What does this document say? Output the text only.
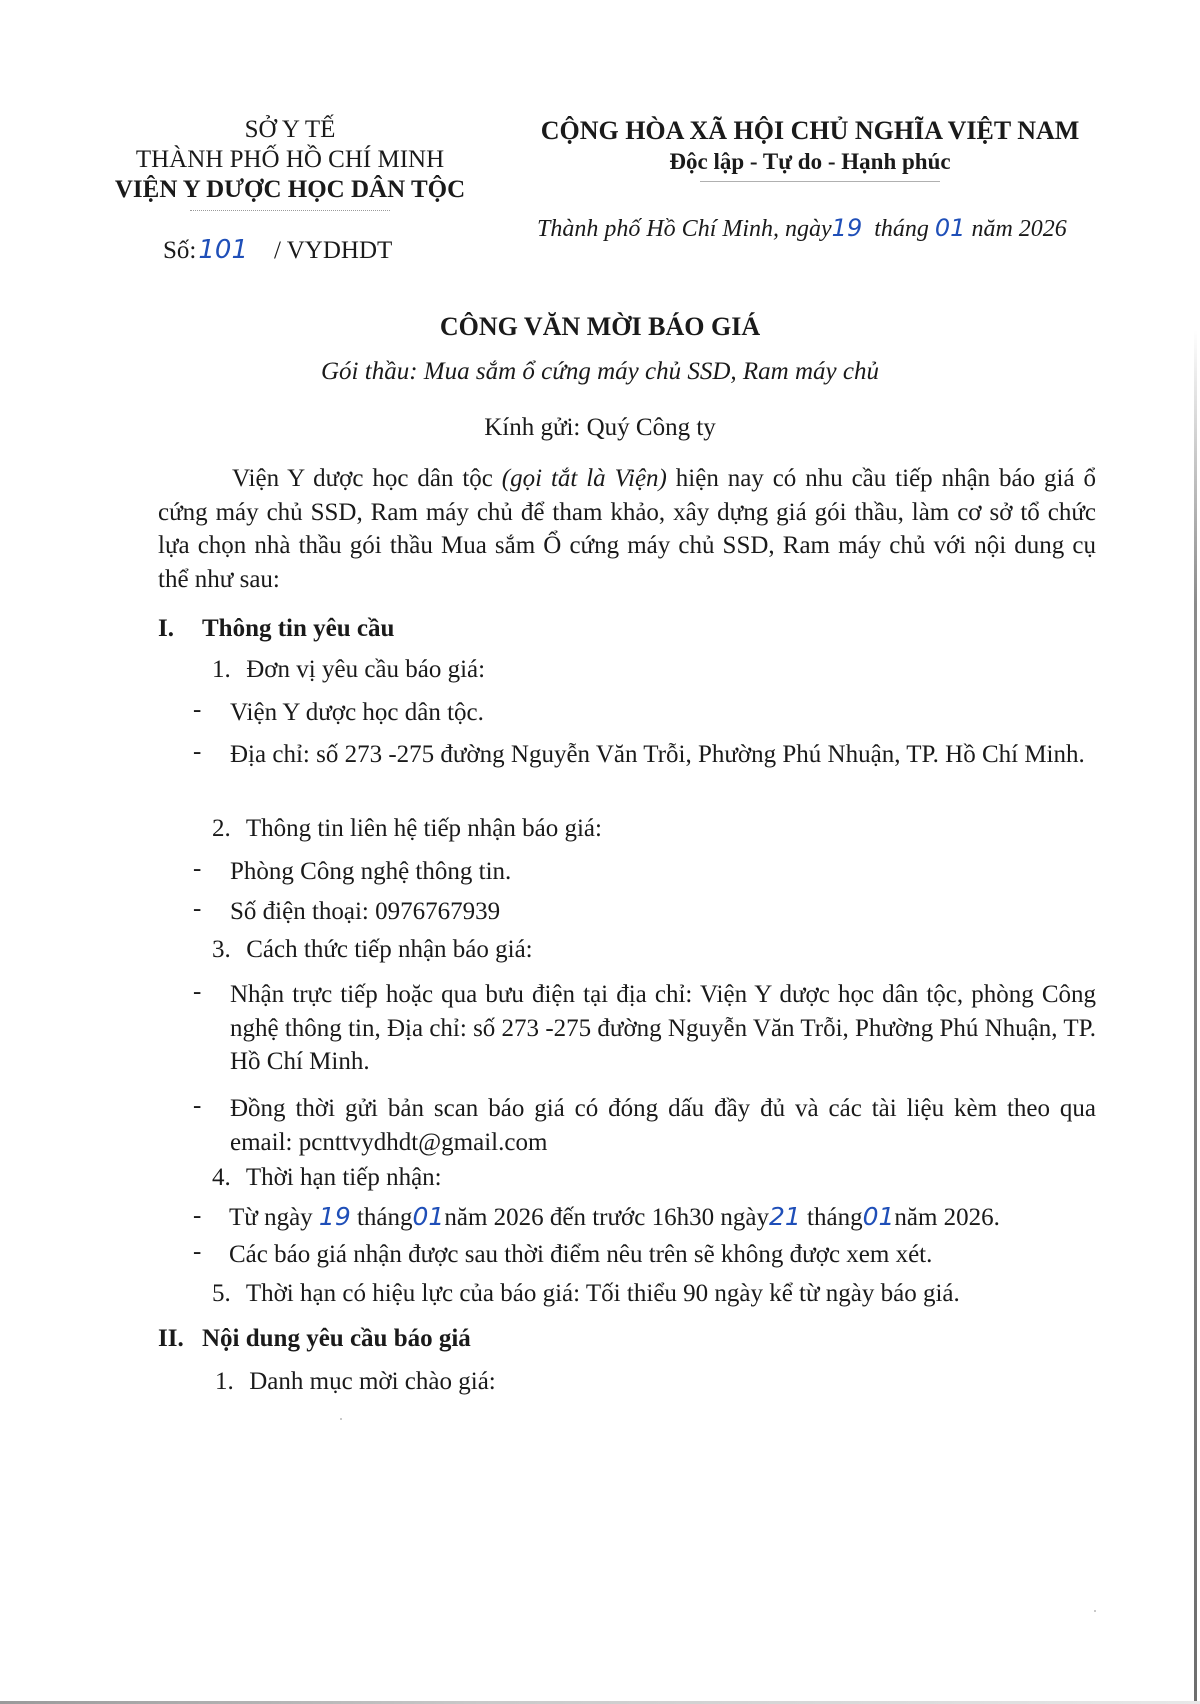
SỞ Y TẾ
THÀNH PHỐ HỒ CHÍ MINH
VIỆN Y DƯỢC HỌC DÂN TỘC
Số:101 / VYDHDT
CỘNG HÒA XÃ HỘI CHỦ NGHĨA VIỆT NAM
Độc lập - Tự do - Hạnh phúc
Thành phố Hồ Chí Minh, ngày19 tháng 01 năm 2026
CÔNG VĂN MỜI BÁO GIÁ
Gói thầu: Mua sắm ổ cứng máy chủ SSD, Ram máy chủ
Kính gửi: Quý Công ty
Viện Y dược học dân tộc (gọi tắt là Viện) hiện nay có nhu cầu tiếp nhận báo giá ổ cứng máy chủ SSD, Ram máy chủ để tham khảo, xây dựng giá gói thầu, làm cơ sở tổ chức lựa chọn nhà thầu gói thầu Mua sắm Ổ cứng máy chủ SSD, Ram máy chủ với nội dung cụ thể như sau:
I. Thông tin yêu cầu
1. Đơn vị yêu cầu báo giá:
- Viện Y dược học dân tộc.
- Địa chỉ: số 273 -275 đường Nguyễn Văn Trỗi, Phường Phú Nhuận, TP. Hồ Chí Minh.
2. Thông tin liên hệ tiếp nhận báo giá:
- Phòng Công nghệ thông tin.
- Số điện thoại: 0976767939
3. Cách thức tiếp nhận báo giá:
- Nhận trực tiếp hoặc qua bưu điện tại địa chỉ: Viện Y dược học dân tộc, phòng Công nghệ thông tin, Địa chỉ: số 273 -275 đường Nguyễn Văn Trỗi, Phường Phú Nhuận, TP. Hồ Chí Minh.
- Đồng thời gửi bản scan báo giá có đóng dấu đầy đủ và các tài liệu kèm theo qua email: pcnttvydhdt@gmail.com
4. Thời hạn tiếp nhận:
- Từ ngày 19 tháng01năm 2026 đến trước 16h30 ngày21 tháng01năm 2026.
- Các báo giá nhận được sau thời điểm nêu trên sẽ không được xem xét.
5. Thời hạn có hiệu lực của báo giá: Tối thiểu 90 ngày kể từ ngày báo giá.
II. Nội dung yêu cầu báo giá
1. Danh mục mời chào giá:
